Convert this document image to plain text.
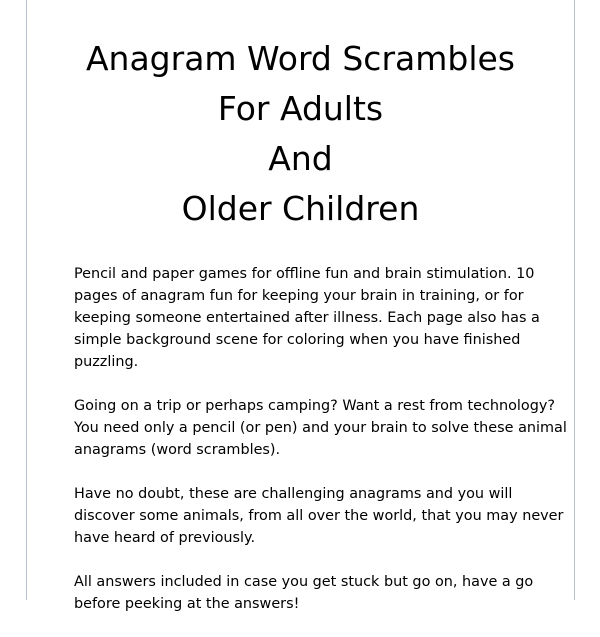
Anagram Word Scrambles
For Adults
And
Older Children

Pencil and paper games for offline fun and brain stimulation. 10 pages of anagram fun for keeping your brain in training, or for keeping someone entertained after illness. Each page also has a simple background scene for coloring when you have finished puzzling.

Going on a trip or perhaps camping? Want a rest from technology? You need only a pencil (or pen) and your brain to solve these animal anagrams (word scrambles).

Have no doubt, these are challenging anagrams and you will discover some animals, from all over the world, that you may never have heard of previously.

All answers included in case you get stuck but go on, have a go before peeking at the answers!
